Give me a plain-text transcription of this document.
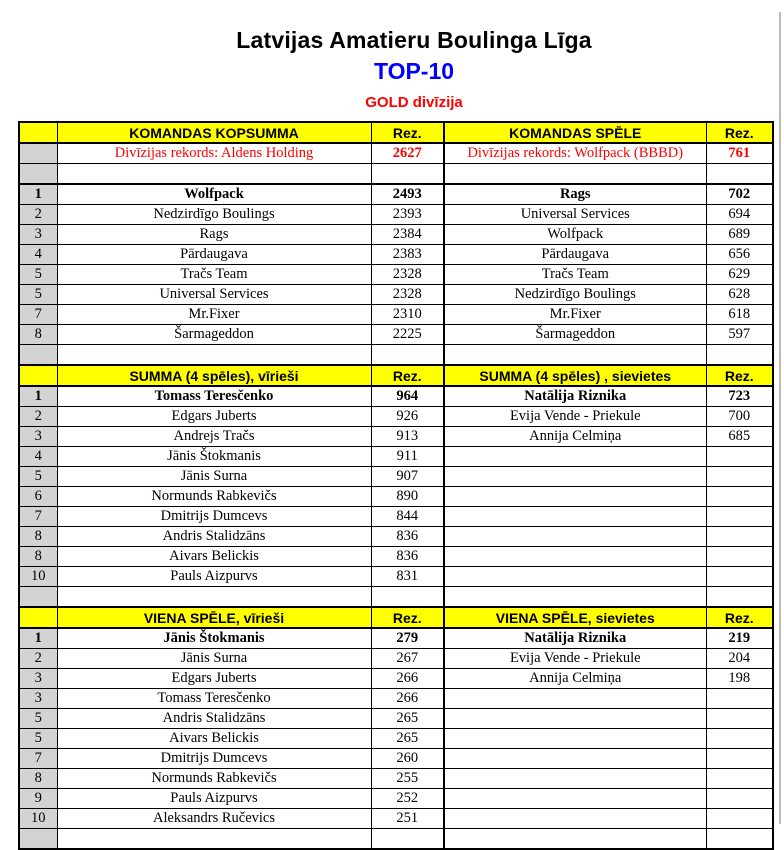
Latvijas Amatieru Boulinga Līga
TOP-10
GOLD divīzija
	KOMANDAS KOPSUMMA	Rez.	KOMANDAS SPĒLE	Rez.
	Divīzijas rekords: Aldens Holding	2627	Divīzijas rekords: Wolfpack (BBBD)	761

1	Wolfpack	2493	Rags	702
2	Nedzirdīgo Boulings	2393	Universal Services	694
3	Rags	2384	Wolfpack	689
4	Pārdaugava	2383	Pārdaugava	656
5	Tračs Team	2328	Tračs Team	629
5	Universal Services	2328	Nedzirdīgo Boulings	628
7	Mr.Fixer	2310	Mr.Fixer	618
8	Šarmageddon	2225	Šarmageddon	597

	SUMMA (4 spēles), vīrieši	Rez.	SUMMA (4 spēles) , sievietes	Rez.
1	Tomass Teresčenko	964	Natālija Riznika	723
2	Edgars Juberts	926	Evija Vende - Priekule	700
3	Andrejs Tračs	913	Annija Celmiņa	685
4	Jānis Štokmanis	911		
5	Jānis Surna	907		
6	Normunds Rabkevičs	890		
7	Dmitrijs Dumcevs	844		
8	Andris Stalidzāns	836		
8	Aivars Belickis	836		
10	Pauls Aizpurvs	831		

	VIENA SPĒLE, vīrieši	Rez.	VIENA SPĒLE, sievietes	Rez.
1	Jānis Štokmanis	279	Natālija Riznika	219
2	Jānis Surna	267	Evija Vende - Priekule	204
3	Edgars Juberts	266	Annija Celmiņa	198
3	Tomass Teresčenko	266		
5	Andris Stalidzāns	265		
5	Aivars Belickis	265		
7	Dmitrijs Dumcevs	260		
8	Normunds Rabkevičs	255		
9	Pauls Aizpurvs	252		
10	Aleksandrs Ručevics	251		
